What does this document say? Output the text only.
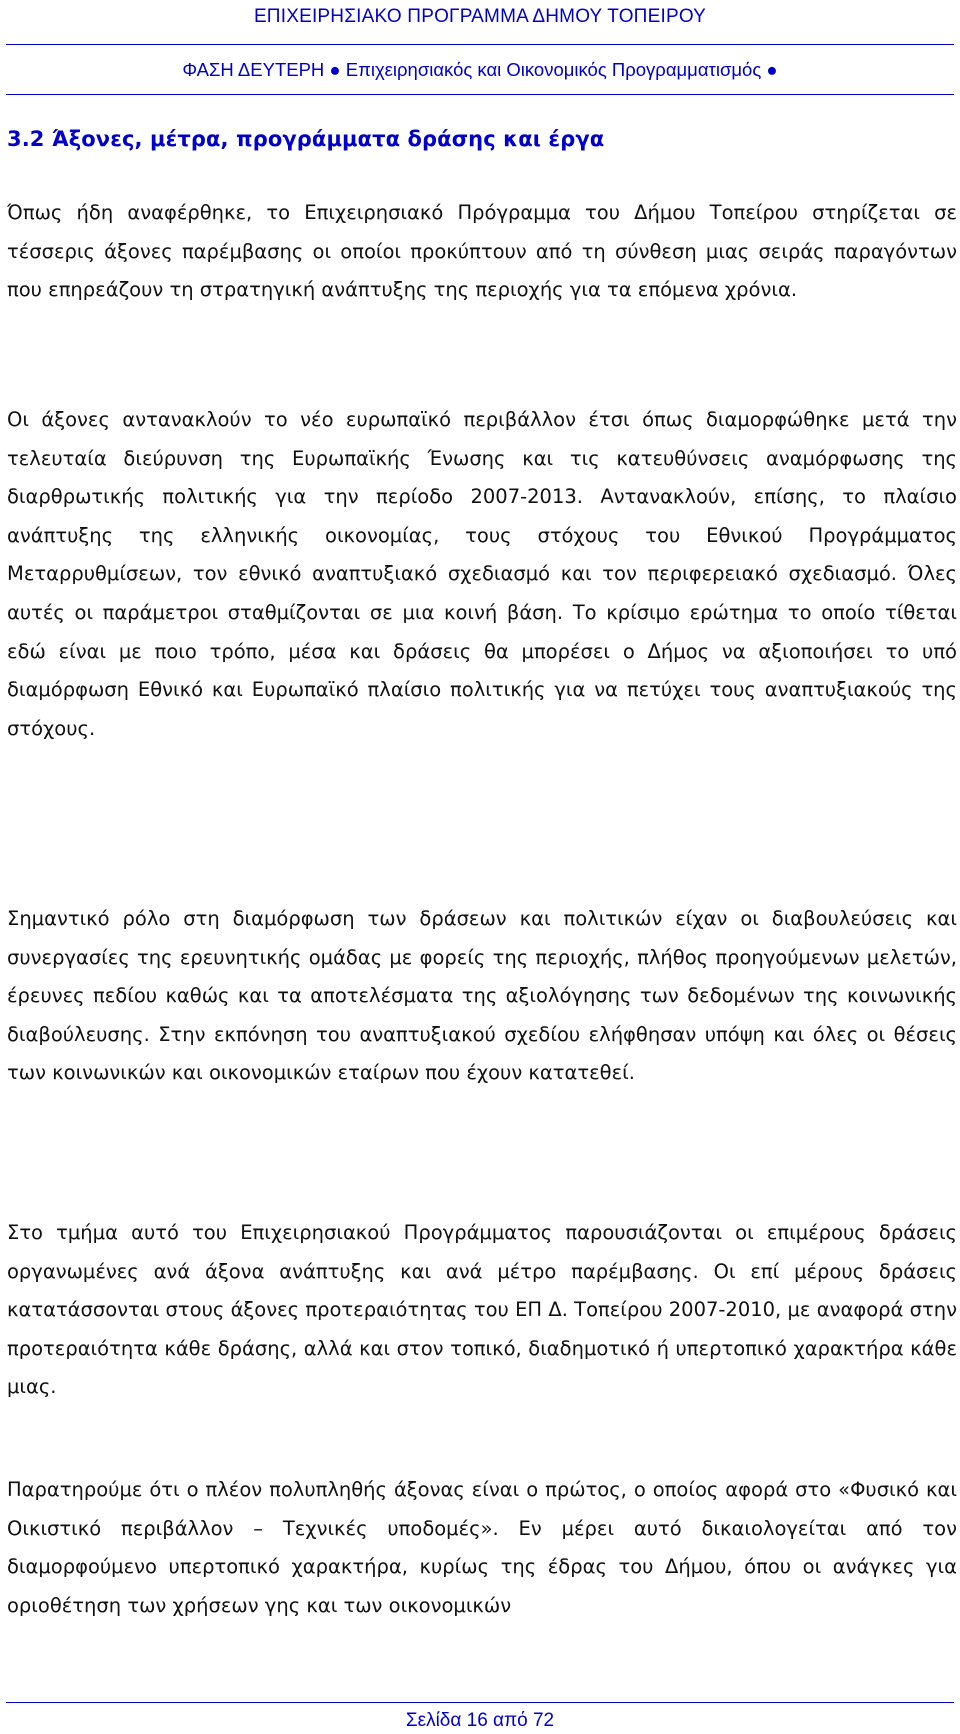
ΕΠΙΧΕΙΡΗΣΙΑΚΟ ΠΡΟΓΡΑΜΜΑ ΔΗΜΟΥ ΤΟΠΕΙΡΟΥ
ΦΑΣΗ ΔΕΥΤΕΡΗ ● Επιχειρησιακός και Οικονομικός Προγραμματισμός ●
3.2 Άξονες, μέτρα, προγράμματα δράσης και έργα

Όπως ήδη αναφέρθηκε, το Επιχειρησιακό Πρόγραμμα του Δήμου Τοπείρου στηρίζεται σε τέσσερις άξονες παρέμβασης οι οποίοι προκύπτουν από τη σύνθεση μιας σειράς παραγόντων που επηρεάζουν τη στρατηγική ανάπτυξης της περιοχής για τα επόμενα χρόνια.

Οι άξονες αντανακλούν το νέο ευρωπαϊκό περιβάλλον έτσι όπως διαμορφώθηκε μετά την τελευταία διεύρυνση της Ευρωπαϊκής Ένωσης και τις κατευθύνσεις αναμόρφωσης της διαρθρωτικής πολιτικής για την περίοδο 2007-2013. Αντανακλούν, επίσης, το πλαίσιο ανάπτυξης της ελληνικής οικονομίας, τους στόχους του Εθνικού Προγράμματος Μεταρρυθμίσεων, τον εθνικό αναπτυξιακό σχεδιασμό και τον περιφερειακό σχεδιασμό. Όλες αυτές οι παράμετροι σταθμίζονται σε μια κοινή βάση. Το κρίσιμο ερώτημα το οποίο τίθεται εδώ είναι με ποιο τρόπο, μέσα και δράσεις θα μπορέσει ο Δήμος να αξιοποιήσει το υπό διαμόρφωση Εθνικό και Ευρωπαϊκό πλαίσιο πολιτικής για να πετύχει τους αναπτυξιακούς της στόχους.

Σημαντικό ρόλο στη διαμόρφωση των δράσεων και πολιτικών είχαν οι διαβουλεύσεις και συνεργασίες της ερευνητικής ομάδας με φορείς της περιοχής, πλήθος προηγούμενων μελετών, έρευνες πεδίου καθώς και τα αποτελέσματα της αξιολόγησης των δεδομένων της κοινωνικής διαβούλευσης. Στην εκπόνηση του αναπτυξιακού σχεδίου ελήφθησαν υπόψη και όλες οι θέσεις των κοινωνικών και οικονομικών εταίρων που έχουν κατατεθεί.

Στο τμήμα αυτό του Επιχειρησιακού Προγράμματος παρουσιάζονται οι επιμέρους δράσεις οργανωμένες ανά άξονα ανάπτυξης και ανά μέτρο παρέμβασης. Οι επί μέρους δράσεις κατατάσσονται στους άξονες προτεραιότητας του ΕΠ Δ. Τοπείρου 2007-2010, με αναφορά στην προτεραιότητα κάθε δράσης, αλλά και στον τοπικό, διαδημοτικό ή υπερτοπικό χαρακτήρα κάθε μιας.

Παρατηρούμε ότι ο πλέον πολυπληθής άξονας είναι ο πρώτος, ο οποίος αφορά στο «Φυσικό και Οικιστικό περιβάλλον – Τεχνικές υποδομές». Εν μέρει αυτό δικαιολογείται από τον διαμορφούμενο υπερτοπικό χαρακτήρα, κυρίως της έδρας του Δήμου, όπου οι ανάγκες για οριοθέτηση των χρήσεων γης και των οικονομικών

Σελίδα 16 από 72
